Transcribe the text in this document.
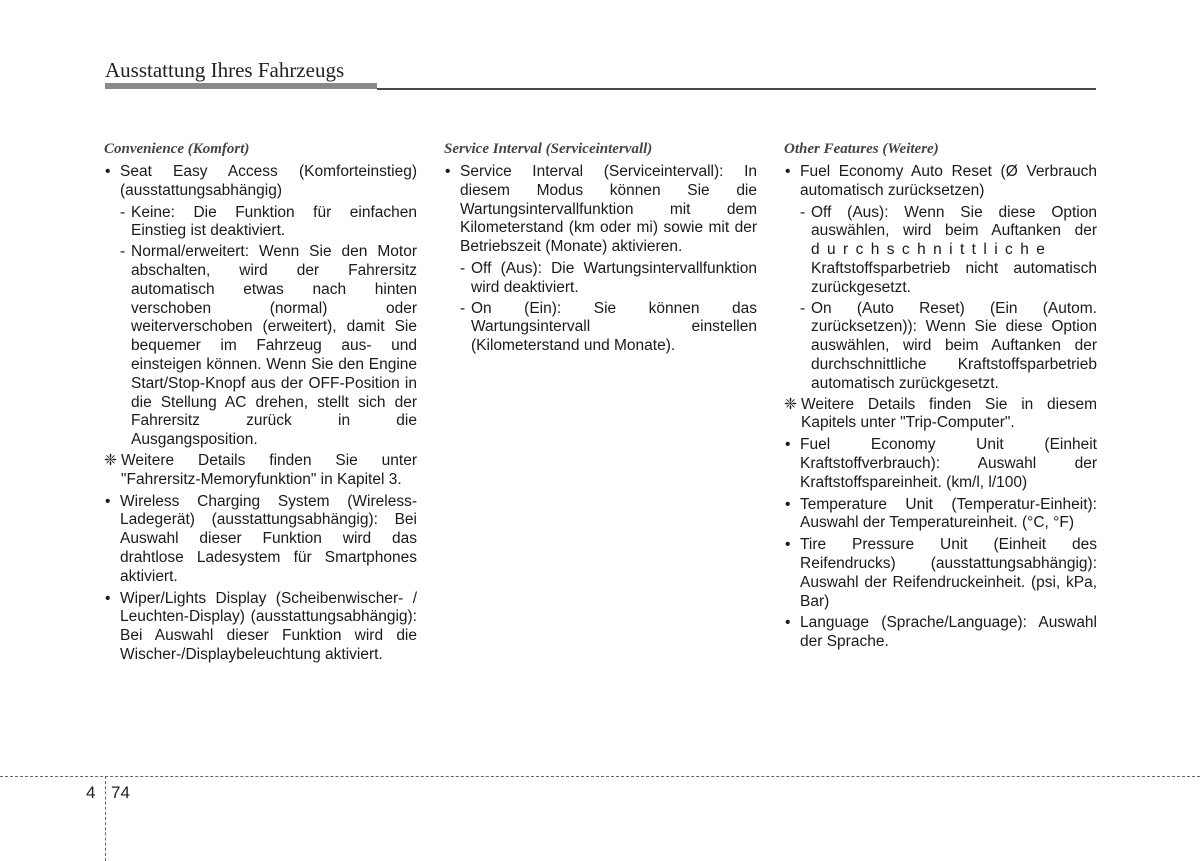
Ausstattung Ihres Fahrzeugs
Convenience (Komfort)
• Seat Easy Access (Komforteinstieg) (ausstattungsabhängig)
- Keine: Die Funktion für einfachen Einstieg ist deaktiviert.
- Normal/erweitert: Wenn Sie den Motor abschalten, wird der Fahrersitz automatisch etwas nach hinten verschoben (normal) oder weiterverschoben (erweitert), damit Sie bequemer im Fahrzeug aus- und einsteigen können. Wenn Sie den Engine Start/Stop-Knopf aus der OFF-Position in die Stellung AC drehen, stellt sich der Fahrersitz zurück in die Ausgangsposition.
❈ Weitere Details finden Sie unter "Fahrersitz-Memoryfunktion" in Kapitel 3.
• Wireless Charging System (Wireless-Ladegerät) (ausstattungsabhängig): Bei Auswahl dieser Funktion wird das drahtlose Ladesystem für Smartphones aktiviert.
• Wiper/Lights Display (Scheibenwischer- / Leuchten-Display) (ausstattungsabhängig): Bei Auswahl dieser Funktion wird die Wischer-/Displaybeleuchtung aktiviert.
Service Interval (Serviceintervall)
• Service Interval (Serviceintervall): In diesem Modus können Sie die Wartungsintervallfunktion mit dem Kilometerstand (km oder mi) sowie mit der Betriebszeit (Monate) aktivieren.
- Off (Aus): Die Wartungsintervallfunktion wird deaktiviert.
- On (Ein): Sie können das Wartungsintervall einstellen (Kilometerstand und Monate).
Other Features (Weitere)
• Fuel Economy Auto Reset (Ø Verbrauch automatisch zurücksetzen)
- Off (Aus): Wenn Sie diese Option auswählen, wird beim Auftanken der durchschnittliche Kraftstoffsparbetrieb nicht automatisch zurückgesetzt.
- On (Auto Reset) (Ein (Autom. zurücksetzen)): Wenn Sie diese Option auswählen, wird beim Auftanken der durchschnittliche Kraftstoffsparbetrieb automatisch zurückgesetzt.
❈ Weitere Details finden Sie in diesem Kapitels unter "Trip-Computer".
• Fuel Economy Unit (Einheit Kraftstoffverbrauch): Auswahl der Kraftstoffspareinheit. (km/l, l/100)
• Temperature Unit (Temperatur-Einheit): Auswahl der Temperatureinheit. (°C, °F)
• Tire Pressure Unit (Einheit des Reifendrucks) (ausstattungsabhängig): Auswahl der Reifendruckeinheit. (psi, kPa, Bar)
• Language (Sprache/Language): Auswahl der Sprache.
4 74
